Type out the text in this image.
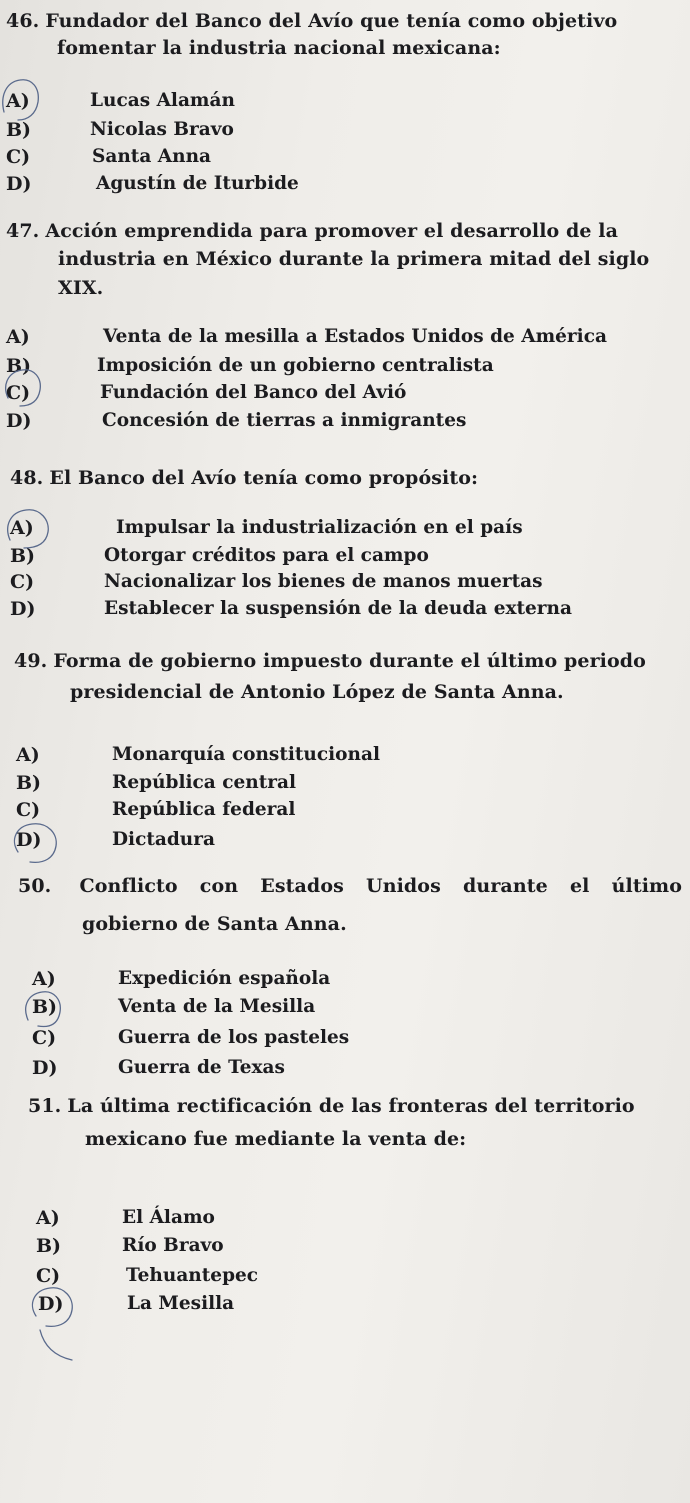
46. Fundador del Banco del Avío que tenía como objetivo
fomentar la industria nacional mexicana:
A)	Lucas Alamán
B)	Nicolas Bravo
C)	Santa Anna
D)	Agustín de Iturbide
47. Acción emprendida para promover el desarrollo de la
industria en México durante la primera mitad del siglo
XIX.
A)	Venta de la mesilla a Estados Unidos de América
B)	Imposición de un gobierno centralista
C)	Fundación del Banco del Avió
D)	Concesión de tierras a inmigrantes
48. El Banco del Avío tenía como propósito:
A)	Impulsar la industrialización en el país
B)	Otorgar créditos para el campo
C)	Nacionalizar los bienes de manos muertas
D)	Establecer la suspensión de la deuda externa
49. Forma de gobierno impuesto durante el último periodo
presidencial de Antonio López de Santa Anna.
A)	Monarquía constitucional
B)	República central
C)	República federal
D)	Dictadura
50. Conflicto con Estados Unidos durante el último
gobierno de Santa Anna.
A)	Expedición española
B)	Venta de la Mesilla
C)	Guerra de los pasteles
D)	Guerra de Texas
51. La última rectificación de las fronteras del territorio
mexicano fue mediante la venta de:
A)	El Álamo
B)	Río Bravo
C)	Tehuantepec
D)	La Mesilla
